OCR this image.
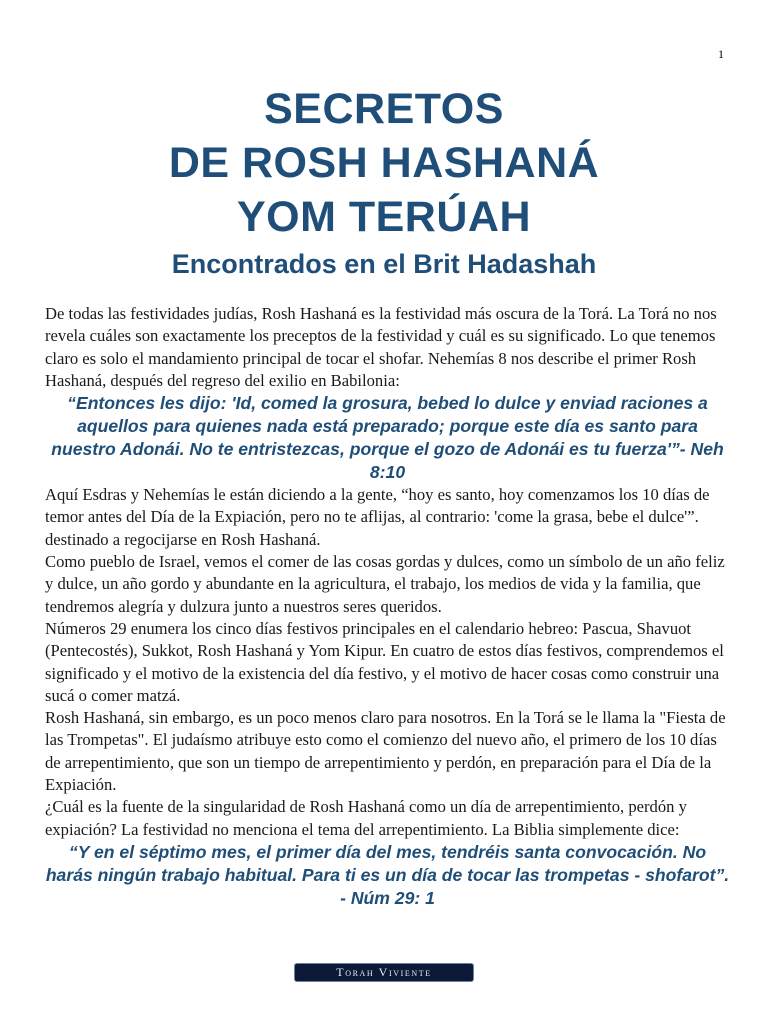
1
SECRETOS
DE ROSH HASHANÁ
YOM TERÚAH
Encontrados en el Brit Hadashah

De todas las festividades judías, Rosh Hashaná es la festividad más oscura de la Torá. La Torá no nos revela cuáles son exactamente los preceptos de la festividad y cuál es su significado. Lo que tenemos claro es solo el mandamiento principal de tocar el shofar. Nehemías 8 nos describe el primer Rosh Hashaná, después del regreso del exilio en Babilonia:

“Entonces les dijo: 'Id, comed la grosura, bebed lo dulce y enviad raciones a aquellos para quienes nada está preparado; porque este día es santo para nuestro Adonái. No te entristezcas, porque el gozo de Adonái es tu fuerza'”- Neh 8:10

Aquí Esdras y Nehemías le están diciendo a la gente, “hoy es santo, hoy comenzamos los 10 días de temor antes del Día de la Expiación, pero no te aflijas, al contrario: 'come la grasa, bebe el dulce'”. destinado a regocijarse en Rosh Hashaná.

Como pueblo de Israel, vemos el comer de las cosas gordas y dulces, como un símbolo de un año feliz y dulce, un año gordo y abundante en la agricultura, el trabajo, los medios de vida y la familia, que tendremos alegría y dulzura junto a nuestros seres queridos.

Números 29 enumera los cinco días festivos principales en el calendario hebreo: Pascua, Shavuot (Pentecostés), Sukkot, Rosh Hashaná y Yom Kipur. En cuatro de estos días festivos, comprendemos el significado y el motivo de la existencia del día festivo, y el motivo de hacer cosas como construir una sucá o comer matzá.

Rosh Hashaná, sin embargo, es un poco menos claro para nosotros. En la Torá se le llama la "Fiesta de las Trompetas". El judaísmo atribuye esto como el comienzo del nuevo año, el primero de los 10 días de arrepentimiento, que son un tiempo de arrepentimiento y perdón, en preparación para el Día de la Expiación.

¿Cuál es la fuente de la singularidad de Rosh Hashaná como un día de arrepentimiento, perdón y expiación? La festividad no menciona el tema del arrepentimiento. La Biblia simplemente dice:

“Y en el séptimo mes, el primer día del mes, tendréis santa convocación. No harás ningún trabajo habitual. Para ti es un día de tocar las trompetas - shofarot”. - Núm 29: 1

Torah Viviente
